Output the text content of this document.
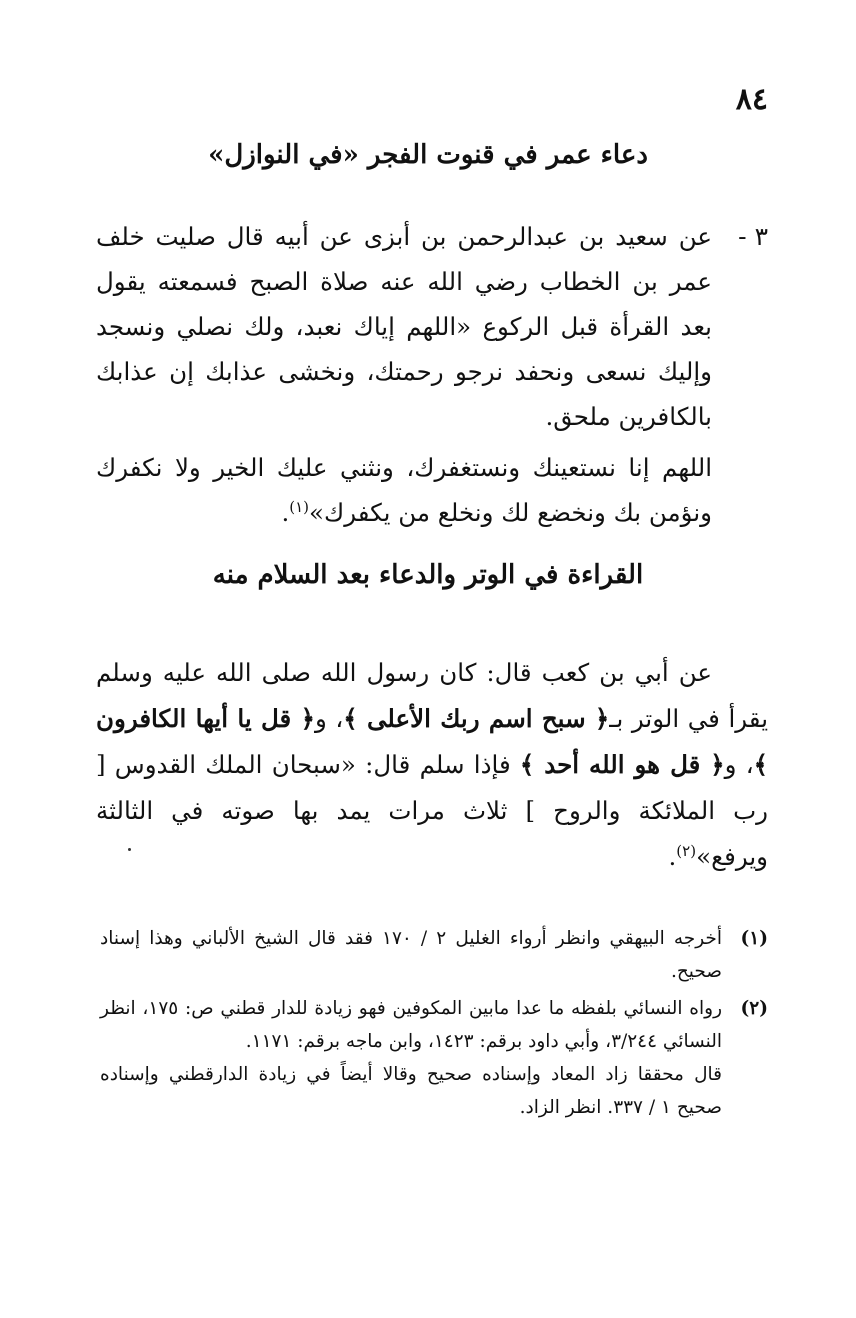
٨٤
دعاء عمر في قنوت الفجر «في النوازل»
٣ -
عن سعيد بن عبدالرحمن بن أبزى عن أبيه قال صليت خلف عمر بن الخطاب رضي الله عنه صلاة الصبح فسمعته يقول بعد القرأة قبل الركوع «اللهم إياك نعبد، ولك نصلي ونسجد وإليك نسعى ونحفد نرجو رحمتك، ونخشى عذابك إن عذابك بالكافرين ملحق.
اللهم إنا نستعينك ونستغفرك، ونثني عليك الخير ولا نكفرك ونؤمن بك ونخضع لك ونخلع من يكفرك»$^{(١)}$.
القراءة في الوتر والدعاء بعد السلام منه
عن أبي بن كعب قال: كان رسول الله صلى الله عليه وسلم يقرأ في الوتر بـ﴿ سبح اسم ربك الأعلى ﴾، و﴿ قل يا أيها الكافرون ﴾، و﴿ قل هو الله أحد ﴾ فإذا سلم قال: «سبحان الملك القدوس [ رب الملائكة والروح ] ثلاث مرات يمد بها صوته في الثالثة ويرفع»$^{(٢)}$.
(١)
أخرجه البيهقي وانظر أرواء الغليل ٢ / ١٧٠ فقد قال الشيخ الألباني وهذا إسناد صحيح.
(٢)
رواه النسائي بلفظه ما عدا مابين المكوفين فهو زيادة للدار قطني ص: ١٧٥، انظر النسائي ٣/٢٤٤، وأبي داود برقم: ١٤٢٣، وابن ماجه برقم: ١١٧١.
قال محققا زاد المعاد وإسناده صحيح وقالا أيضاً في زيادة الدارقطني وإسناده صحيح ١ / ٣٣٧. انظر الزاد.
